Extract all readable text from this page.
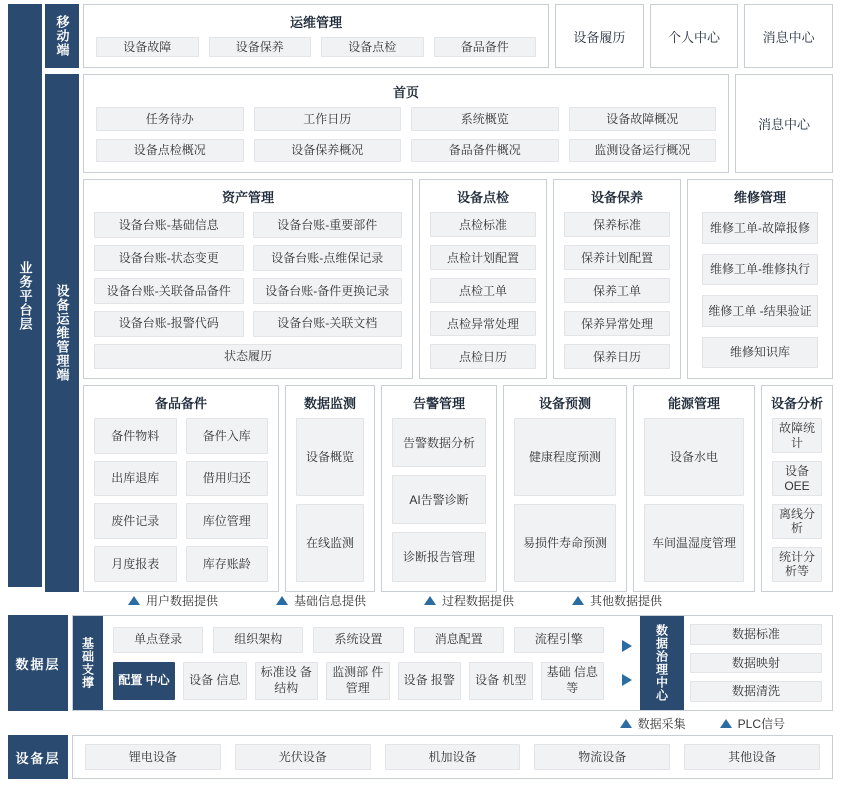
业务平台层
移动端	运维管理
设备故障	设备保养	设备点检	备品备件
设备履历	个人中心	消息中心
设备运维管理端
首页
任务待办	工作日历	系统概览	设备故障概况
设备点检概况	设备保养概况	备品备件概况	监测设备运行概况
消息中心
资产管理
设备台账-基础信息	设备台账-重要部件
设备台账-状态变更	设备台账-点维保记录
设备台账-关联备品备件	设备台账-备件更换记录
设备台账-报警代码	设备台账-关联文档
状态履历
设备点检
点检标准
点检计划配置
点检工单
点检异常处理
点检日历
设备保养
保养标准
保养计划配置
保养工单
保养异常处理
保养日历
维修管理
维修工单-故障报修
维修工单-维修执行
维修工单 -结果验证
维修知识库
备品备件
备件物料	备件入库
出库退库	借用归还
废件记录	库位管理
月度报表	库存账龄
数据监测
设备概览
在线监测
告警管理
告警数据分析
AI告警诊断
诊断报告管理
设备预测
健康程度预测
易损件寿命预测
能源管理
设备水电
车间温湿度管理
设备分析
故障统计
设备OEE
离线分析
统计分析等
用户数据提供	基础信息提供	过程数据提供	其他数据提供
数据层	基础支撑	单点登录	组织架构	系统设置	消息配置	流程引擎
配置 中心	设备 信息
标准设 备结构
监测部 件管理
设备 报警	设备 机型
基础 信息等	数据治理中心	数据标准
数据映射
数据清洗
数据采集	PLC信号
设备层	锂电设备	光伏设备	机加设备	物流设备	其他设备
